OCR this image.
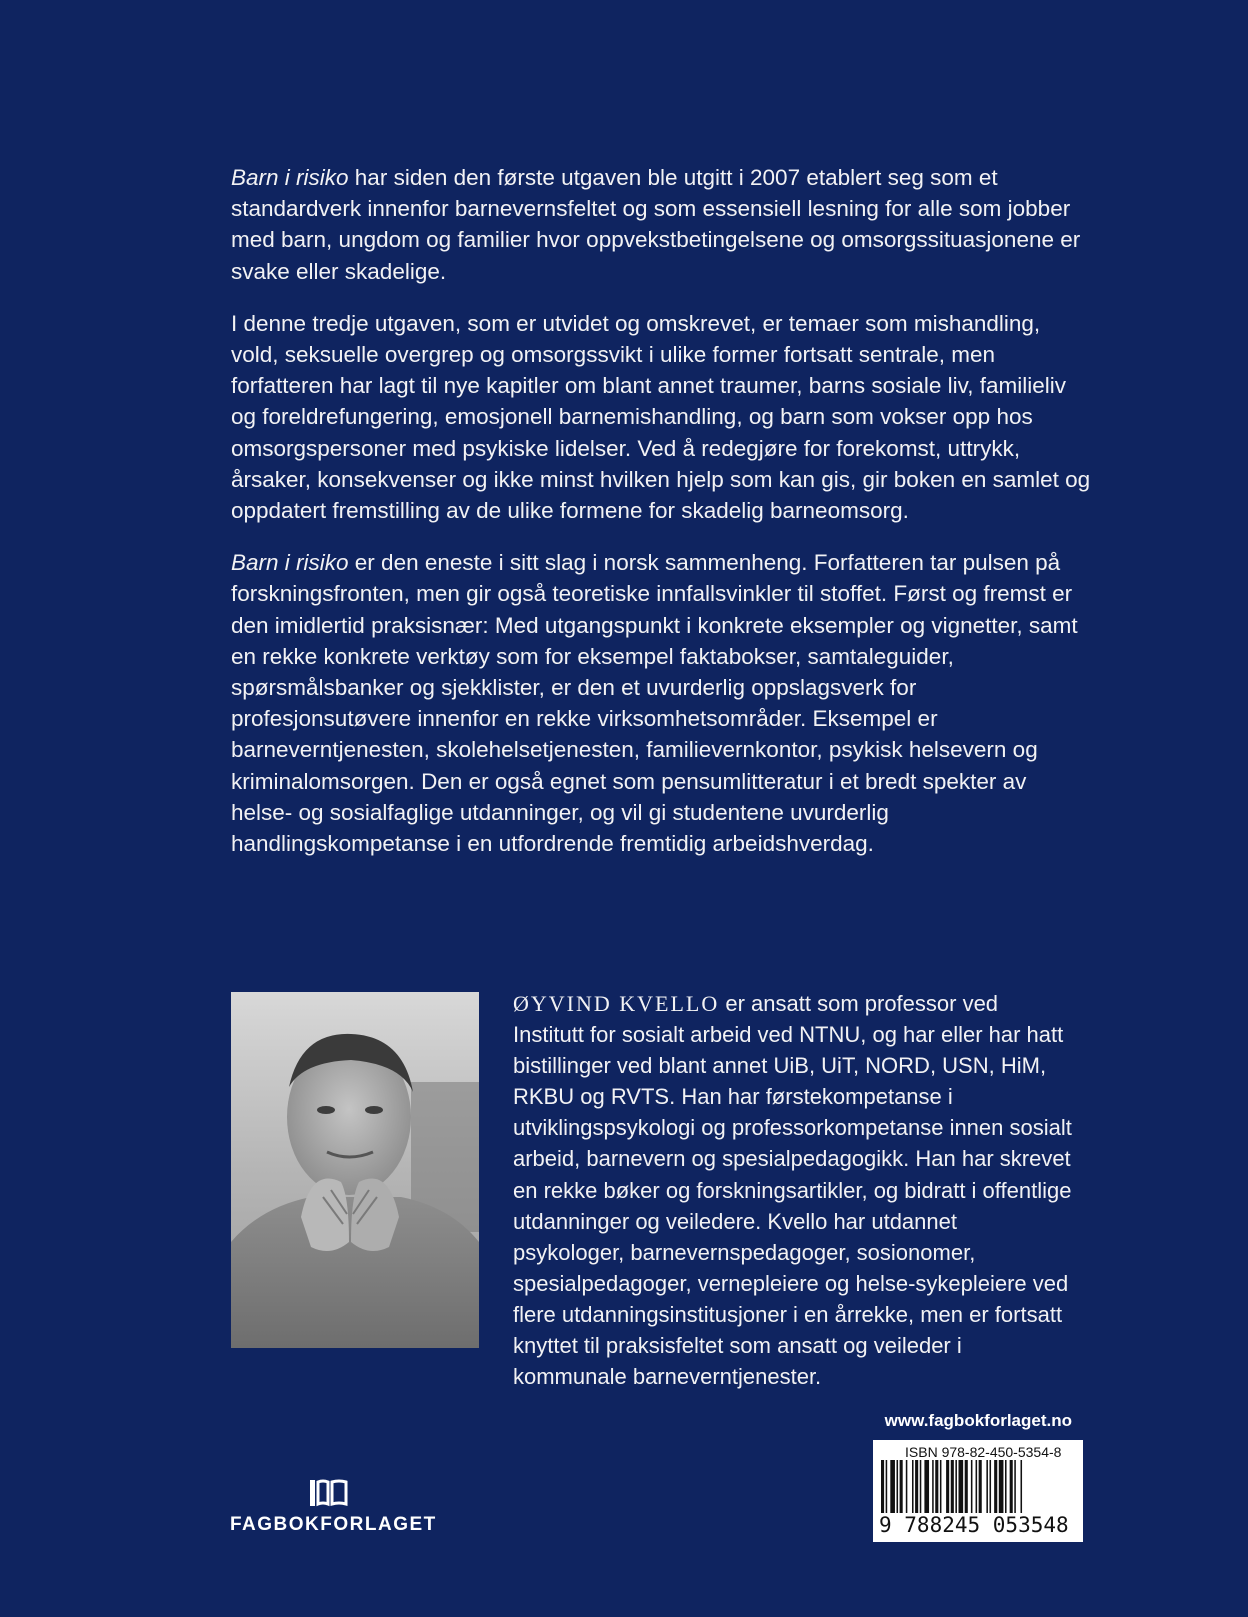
Barn i risiko har siden den første utgaven ble utgitt i 2007 etablert seg som et standardverk innenfor barnevernsfeltet og som essensiell lesning for alle som jobber med barn, ungdom og familier hvor oppvekstbetingelsene og omsorgssituasjonene er svake eller skadelige.

I denne tredje utgaven, som er utvidet og omskrevet, er temaer som mishandling, vold, seksuelle overgrep og omsorgssvikt i ulike former fortsatt sentrale, men forfatteren har lagt til nye kapitler om blant annet traumer, barns sosiale liv, familieliv og foreldrefungering, emosjonell barnemishandling, og barn som vokser opp hos omsorgspersoner med psykiske lidelser. Ved å redegjøre for forekomst, uttrykk, årsaker, konsekvenser og ikke minst hvilken hjelp som kan gis, gir boken en samlet og oppdatert fremstilling av de ulike formene for skadelig barneomsorg.

Barn i risiko er den eneste i sitt slag i norsk sammenheng. Forfatteren tar pulsen på forskningsfronten, men gir også teoretiske innfallsvinkler til stoffet. Først og fremst er den imidlertid praksisnær: Med utgangspunkt i konkrete eksempler og vignetter, samt en rekke konkrete verktøy som for eksempel faktabokser, samtaleguider, spørsmålsbanker og sjekklister, er den et uvurderlig oppslagsverk for profesjonsutøvere innenfor en rekke virksomhetsområder. Eksempel er barneverntjenesten, skolehelsetjenesten, familievernkontor, psykisk helsevern og kriminalomsorgen. Den er også egnet som pensumlitteratur i et bredt spekter av helse- og sosialfaglige utdanninger, og vil gi studentene uvurderlig handlingskompetanse i en utfordrende fremtidig arbeidshverdag.

ØYVIND KVELLO er ansatt som professor ved Institutt for sosialt arbeid ved NTNU, og har eller har hatt bistillinger ved blant annet UiB, UiT, NORD, USN, HiM, RKBU og RVTS. Han har førstekompetanse i utviklingspsykologi og professorkompetanse innen sosialt arbeid, barnevern og spesialpedagogikk. Han har skrevet en rekke bøker og forskningsartikler, og bidratt i offentlige utdanninger og veiledere. Kvello har utdannet psykologer, barnevernspedagoger, sosionomer, spesialpedagoger, vernepleiere og helse-sykepleiere ved flere utdanningsinstitusjoner i en årrekke, men er fortsatt knyttet til praksisfeltet som ansatt og veileder i kommunale barneverntjenester.
www.fagbokforlaget.no
ISBN 978-82-450-5354-8
9 788245 053548
FAGBOKFORLAGET
